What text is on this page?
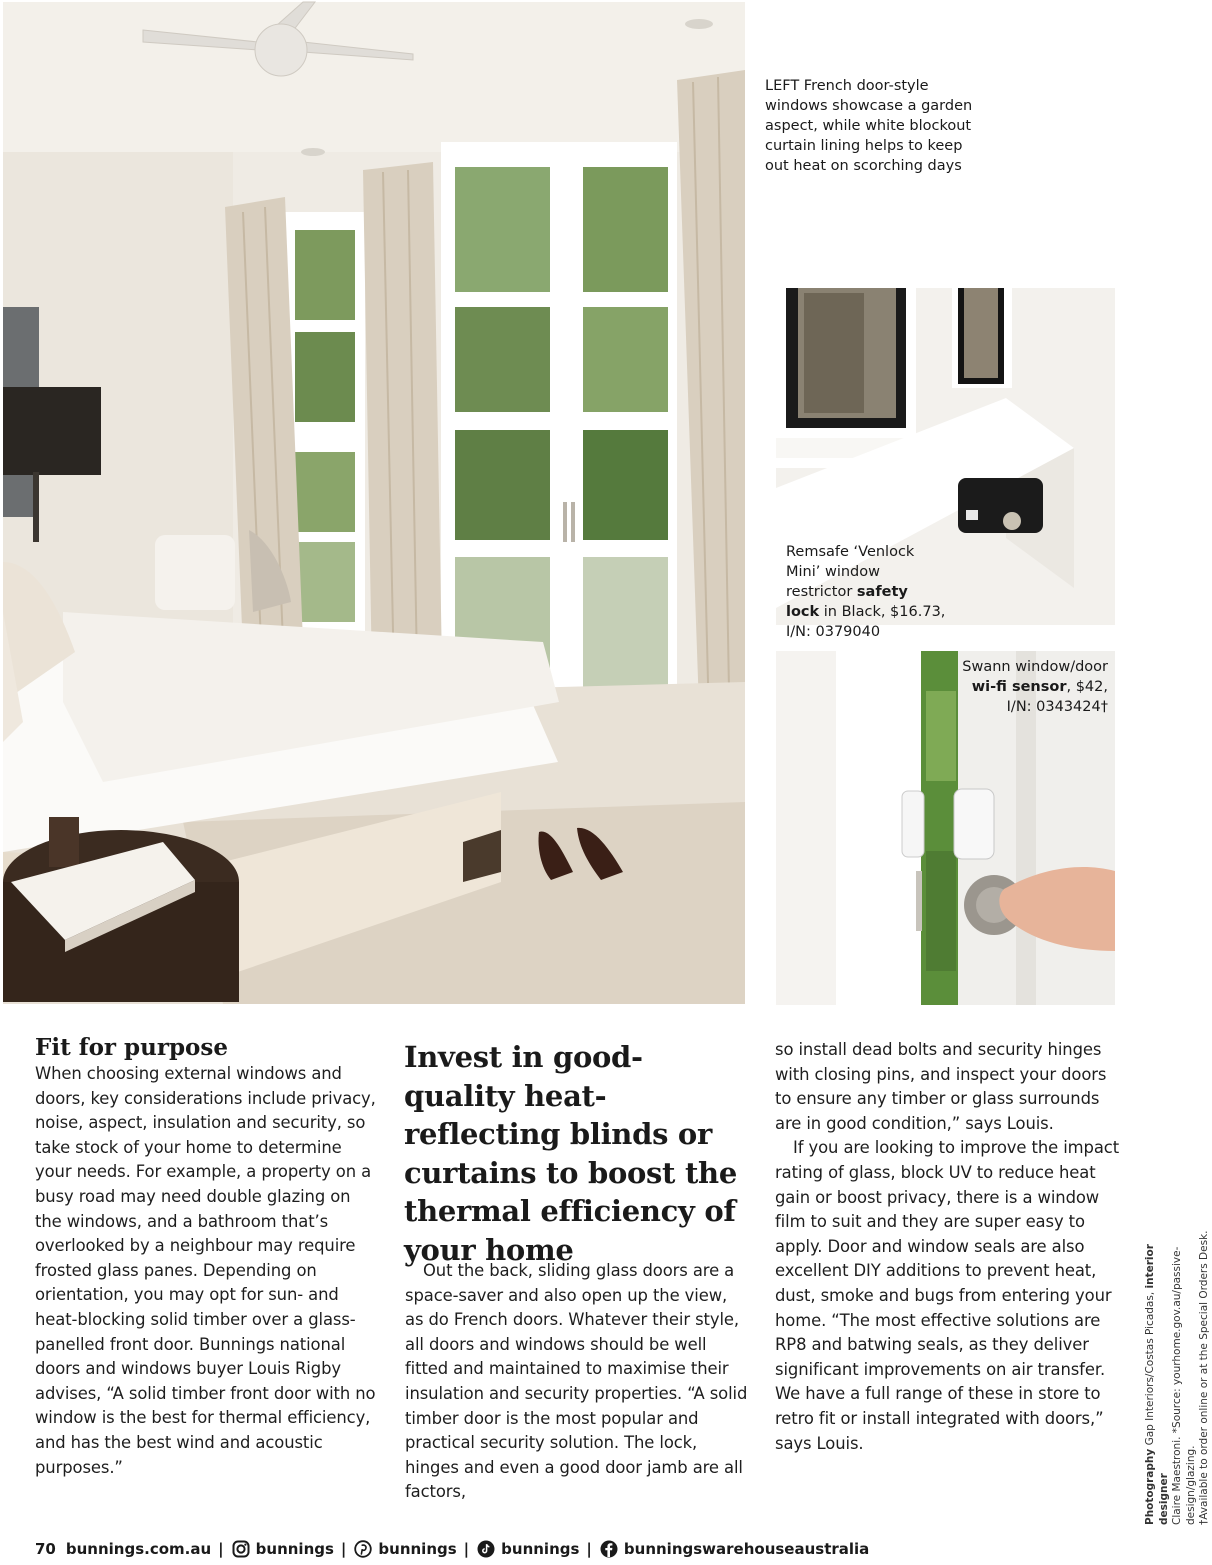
LEFT French door-style windows showcase a garden aspect, while white blockout curtain lining helps to keep out heat on scorching days
Remsafe ‘Venlock Mini’ window restrictor safety lock in Black, $16.73, I/N: 0379040
Swann window/door wi-fi sensor, $42, I/N: 0343424†
Fit for purpose

When choosing external windows and doors, key considerations include privacy, noise, aspect, insulation and security, so take stock of your home to determine your needs. For example, a property on a busy road may need double glazing on the windows, and a bathroom that’s overlooked by a neighbour may require frosted glass panes. Depending on orientation, you may opt for sun- and heat-blocking solid timber over a glass-panelled front door. Bunnings national doors and windows buyer Louis Rigby advises, “A solid timber front door with no window is the best for thermal efficiency, and has the best wind and acoustic purposes.”

Invest in good-quality heat-reflecting blinds or curtains to boost the thermal efficiency of your home

Out the back, sliding glass doors are a space-saver and also open up the view, as do French doors. Whatever their style, all doors and windows should be well fitted and maintained to maximise their insulation and security properties. “A solid timber door is the most popular and practical security solution. The lock, hinges and even a good door jamb are all factors,

so install dead bolts and security hinges with closing pins, and inspect your doors to ensure any timber or glass surrounds are in good condition,” says Louis.

If you are looking to improve the impact rating of glass, block UV to reduce heat gain or boost privacy, there is a window film to suit and they are super easy to apply. Door and window seals are also excellent DIY additions to prevent heat, dust, smoke and bugs from entering your home. “The most effective solutions are RP8 and batwing seals, as they deliver significant improvements on air transfer. We have a full range of these in store to retro fit or install integrated with doors,” says Louis.

Photography Gap Interiors/Costas Picadas, interior designer Claire Maestroni. *Source: yourhome.gov.au/passive-design/glazing. †Available to order online or at the Special Orders Desk.

70 bunnings.com.au | bunnings | bunnings | bunnings | bunningswarehouseaustralia
